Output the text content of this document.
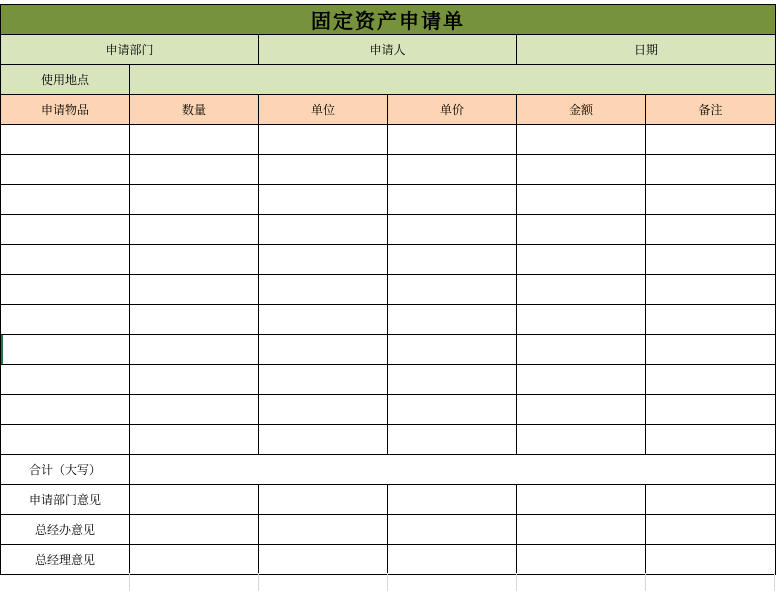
固定资产申请单					
申请部门		申请人		日期	
使用地点					
申请物品	数量	单位	单价	金额	备注

合计（大写）					
申请部门意见					
总经办意见					
总经理意见					
